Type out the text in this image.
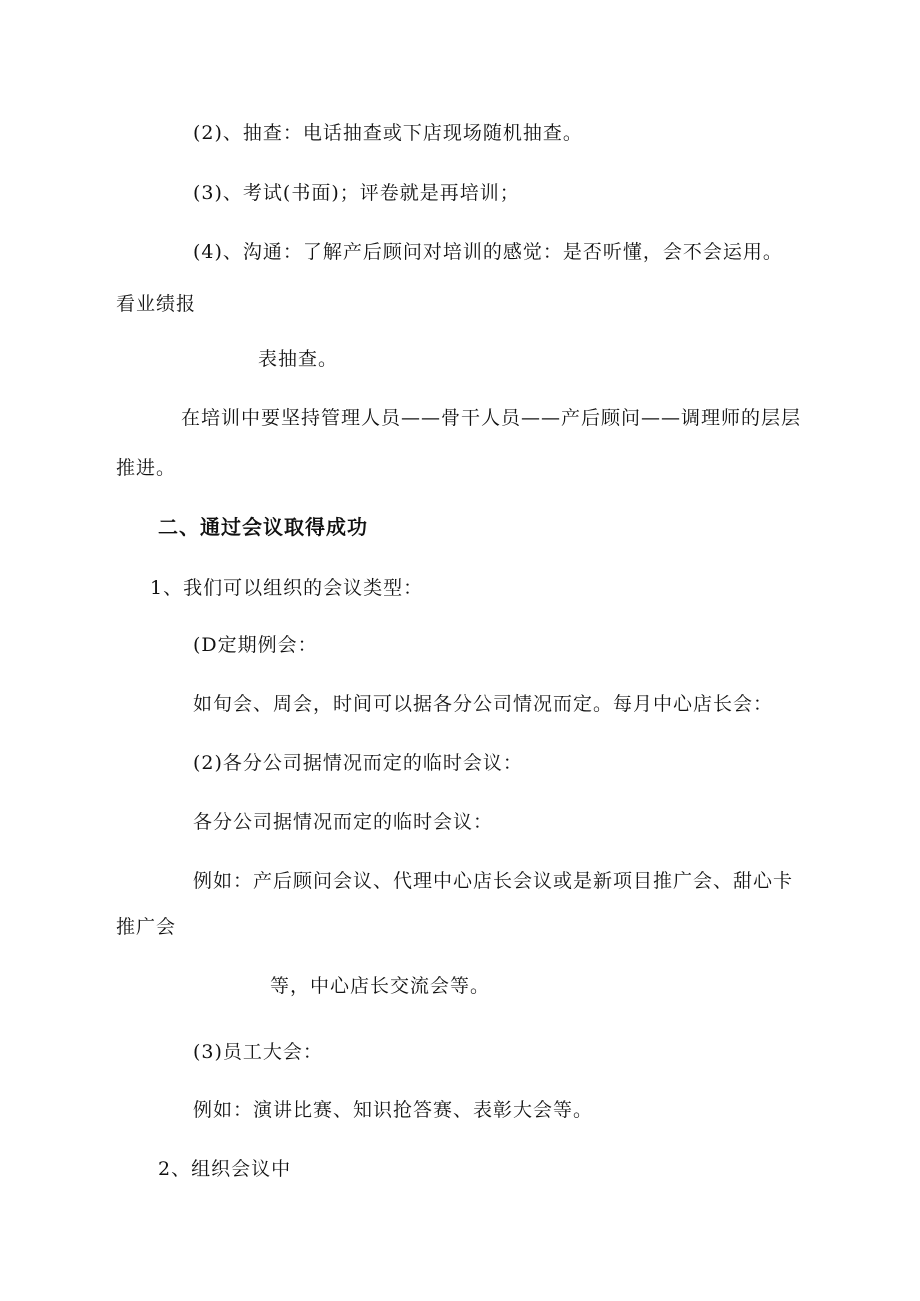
(2)、抽查：电话抽查或下店现场随机抽查。
(3)、考试(书面)；评卷就是再培训；
(4)、沟通：了解产后顾问对培训的感觉：是否听懂，会不会运用。
看业绩报
表抽查。
在培训中要坚持管理人员——骨干人员——产后顾问——调理师的层层
推进。
二、通过会议取得成功
1、我们可以组织的会议类型：
(D定期例会：
如旬会、周会，时间可以据各分公司情况而定。每月中心店长会：
(2)各分公司据情况而定的临时会议：
各分公司据情况而定的临时会议：
例如：产后顾问会议、代理中心店长会议或是新项目推广会、甜心卡
推广会
等，中心店长交流会等。
(3)员工大会：
例如：演讲比赛、知识抢答赛、表彰大会等。
2、组织会议中
